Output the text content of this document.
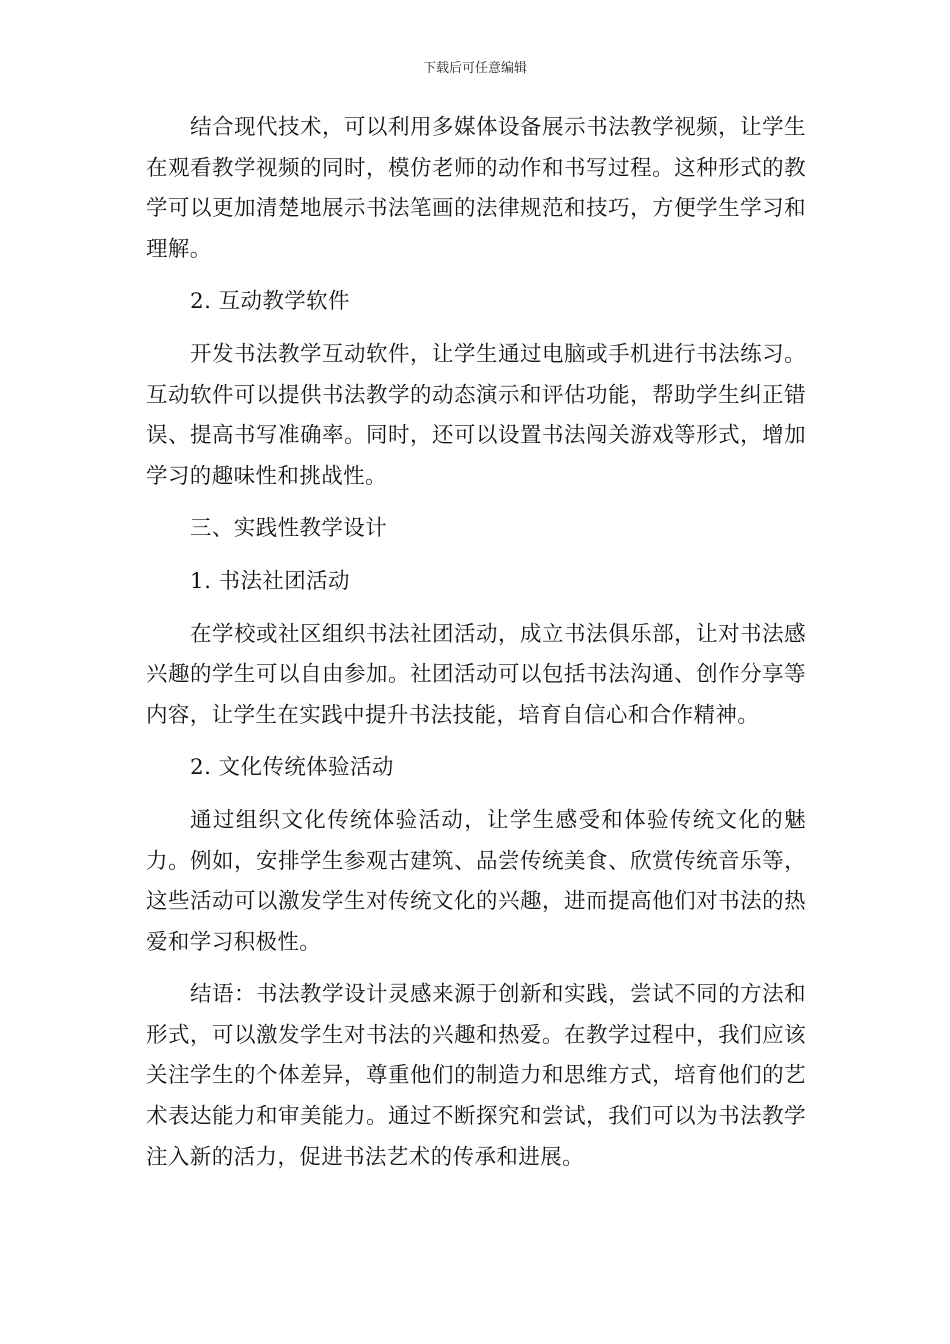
下载后可任意编辑

结合现代技术，可以利用多媒体设备展示书法教学视频，让学生在观看教学视频的同时，模仿老师的动作和书写过程。这种形式的教学可以更加清楚地展示书法笔画的法律规范和技巧，方便学生学习和理解。

2. 互动教学软件

开发书法教学互动软件，让学生通过电脑或手机进行书法练习。互动软件可以提供书法教学的动态演示和评估功能，帮助学生纠正错误、提高书写准确率。同时，还可以设置书法闯关游戏等形式，增加学习的趣味性和挑战性。

三、实践性教学设计

1. 书法社团活动

在学校或社区组织书法社团活动，成立书法俱乐部，让对书法感兴趣的学生可以自由参加。社团活动可以包括书法沟通、创作分享等内容，让学生在实践中提升书法技能，培育自信心和合作精神。

2. 文化传统体验活动

通过组织文化传统体验活动，让学生感受和体验传统文化的魅力。例如，安排学生参观古建筑、品尝传统美食、欣赏传统音乐等，这些活动可以激发学生对传统文化的兴趣，进而提高他们对书法的热爱和学习积极性。

结语：书法教学设计灵感来源于创新和实践，尝试不同的方法和形式，可以激发学生对书法的兴趣和热爱。在教学过程中，我们应该关注学生的个体差异，尊重他们的制造力和思维方式，培育他们的艺术表达能力和审美能力。通过不断探究和尝试，我们可以为书法教学注入新的活力，促进书法艺术的传承和进展。
